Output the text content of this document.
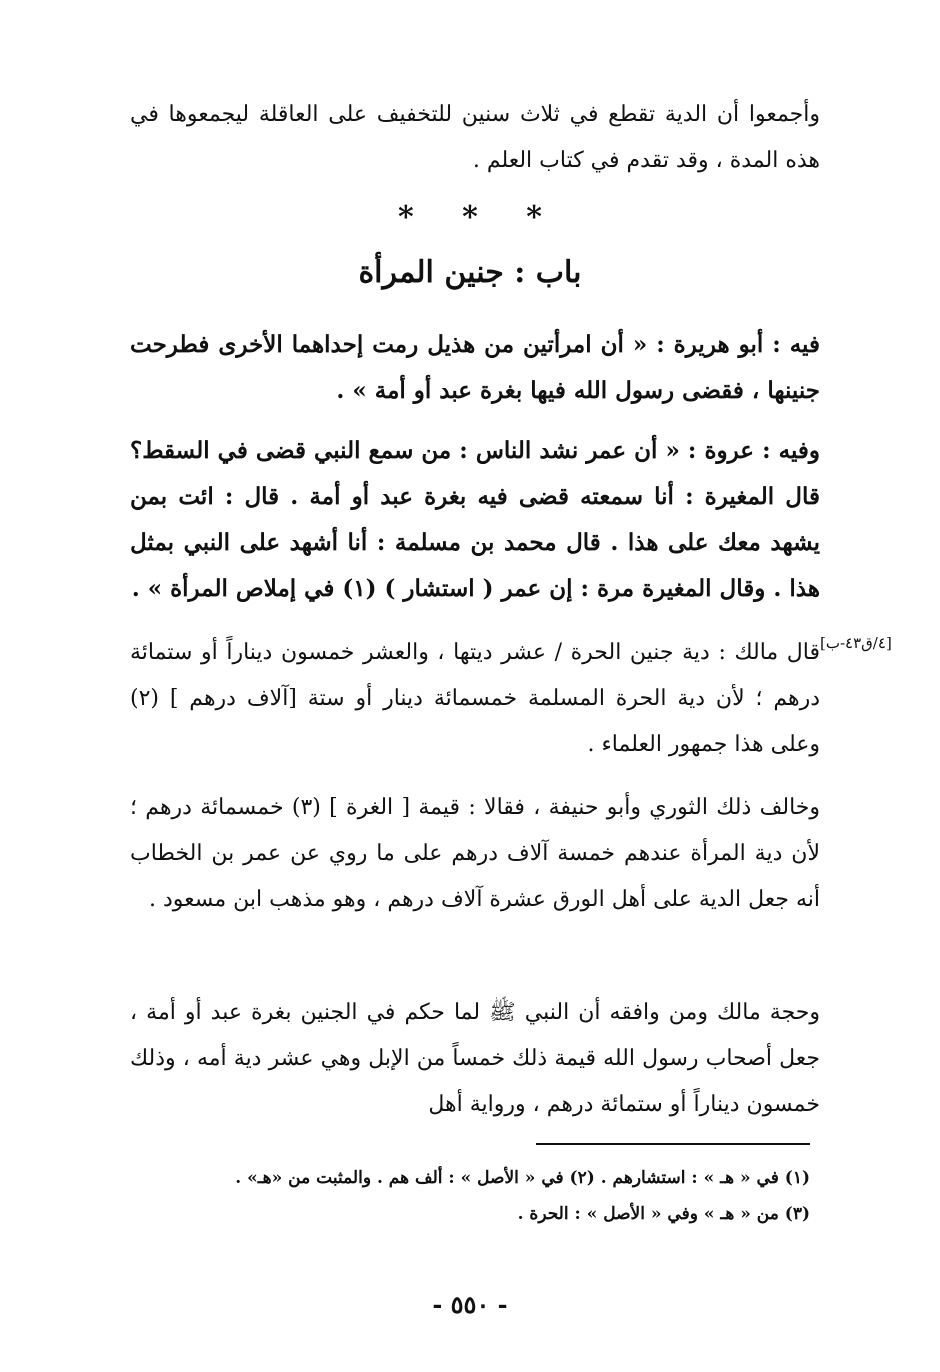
وأجمعوا أن الدية تقطع في ثلاث سنين للتخفيف على العاقلة ليجمعوها في هذه المدة ، وقد تقدم في كتاب العلم .
* * *
باب : جنين المرأة
فيه : أبو هريرة : « أن امرأتين من هذيل رمت إحداهما الأخرى فطرحت جنينها ، فقضى رسول الله فيها بغرة عبد أو أمة » .
وفيه : عروة : « أن عمر نشد الناس : من سمع النبي قضى في السقط؟ قال المغيرة : أنا سمعته قضى فيه بغرة عبد أو أمة . قال : ائت بمن يشهد معك على هذا . قال محمد بن مسلمة : أنا أشهد على النبي بمثل هذا . وقال المغيرة مرة : إن عمر ( استشار ) (١) في إملاص المرأة » .
[٤/ق٤٣-ب]
قال مالك : دية جنين الحرة / عشر ديتها ، والعشر خمسون ديناراً أو ستمائة درهم ؛ لأن دية الحرة المسلمة خمسمائة دينار أو ستة [آلاف درهم ] (٢) وعلى هذا جمهور العلماء .
وخالف ذلك الثوري وأبو حنيفة ، فقالا : قيمة [ الغرة ] (٣) خمسمائة درهم ؛ لأن دية المرأة عندهم خمسة آلاف درهم على ما روي عن عمر بن الخطاب أنه جعل الدية على أهل الورق عشرة آلاف درهم ، وهو مذهب ابن مسعود .
وحجة مالك ومن وافقه أن النبي ﷺ لما حكم في الجنين بغرة عبد أو أمة ، جعل أصحاب رسول الله قيمة ذلك خمساً من الإبل وهي عشر دية أمه ، وذلك خمسون ديناراً أو ستمائة درهم ، ورواية أهل
(١) في « هـ » : استشارهم . (٢) في « الأصل » : ألف هم . والمثبت من «هـ» .
(٣) من « هـ » وفي « الأصل » : الحرة .
- ٥٥٠ -
